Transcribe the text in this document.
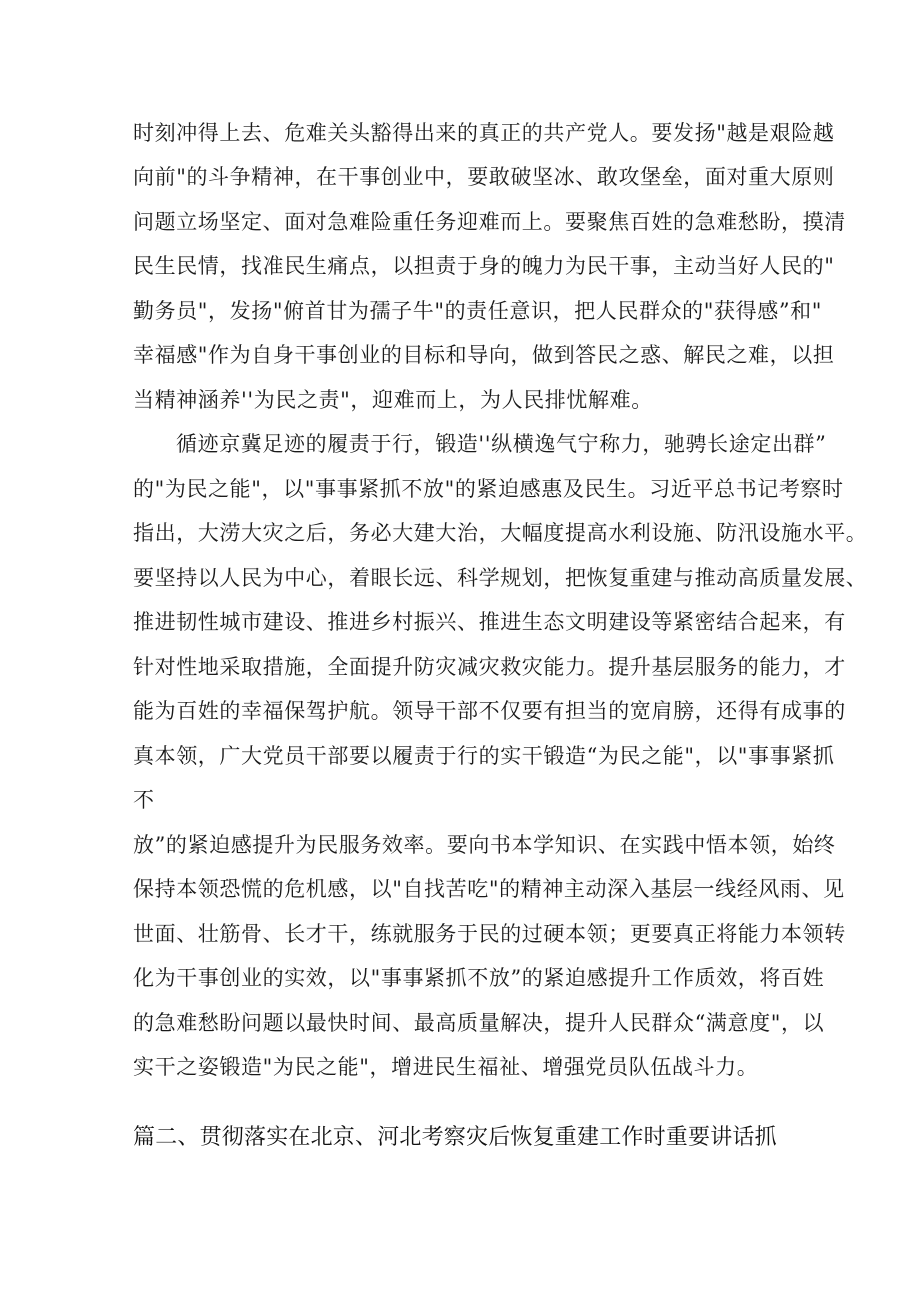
时刻冲得上去、危难关头豁得出来的真正的共产党人。要发扬"越是艰险越
向前"的斗争精神，在干事创业中，要敢破坚冰、敢攻堡垒，面对重大原则
问题立场坚定、面对急难险重任务迎难而上。要聚焦百姓的急难愁盼，摸清
民生民情，找准民生痛点，以担责于身的魄力为民干事，主动当好人民的"
勤务员"，发扬"俯首甘为孺子牛"的责任意识，把人民群众的"获得感”和"
幸福感"作为自身干事创业的目标和导向，做到答民之惑、解民之难，以担
当精神涵养''为民之责"，迎难而上，为人民排忧解难。
循迹京冀足迹的履责于行，锻造''纵横逸气宁称力，驰骋长途定出群”
的"为民之能"，以"事事紧抓不放"的紧迫感惠及民生。习近平总书记考察时
指出，大涝大灾之后，务必大建大治，大幅度提高水利设施、防汛设施水平。
要坚持以人民为中心，着眼长远、科学规划，把恢复重建与推动高质量发展、
推进韧性城市建设、推进乡村振兴、推进生态文明建设等紧密结合起来，有
针对性地采取措施，全面提升防灾减灾救灾能力。提升基层服务的能力，才
能为百姓的幸福保驾护航。领导干部不仅要有担当的宽肩膀，还得有成事的
真本领，广大党员干部要以履责于行的实干锻造“为民之能"，以"事事紧抓
不
放”的紧迫感提升为民服务效率。要向书本学知识、在实践中悟本领，始终
保持本领恐慌的危机感，以"自找苦吃"的精神主动深入基层一线经风雨、见
世面、壮筋骨、长才干，练就服务于民的过硬本领；更要真正将能力本领转
化为干事创业的实效，以"事事紧抓不放”的紧迫感提升工作质效，将百姓
的急难愁盼问题以最快时间、最高质量解决，提升人民群众“满意度"，以
实干之姿锻造"为民之能"，增进民生福祉、增强党员队伍战斗力。
篇二、贯彻落实在北京、河北考察灾后恢复重建工作时重要讲话抓
